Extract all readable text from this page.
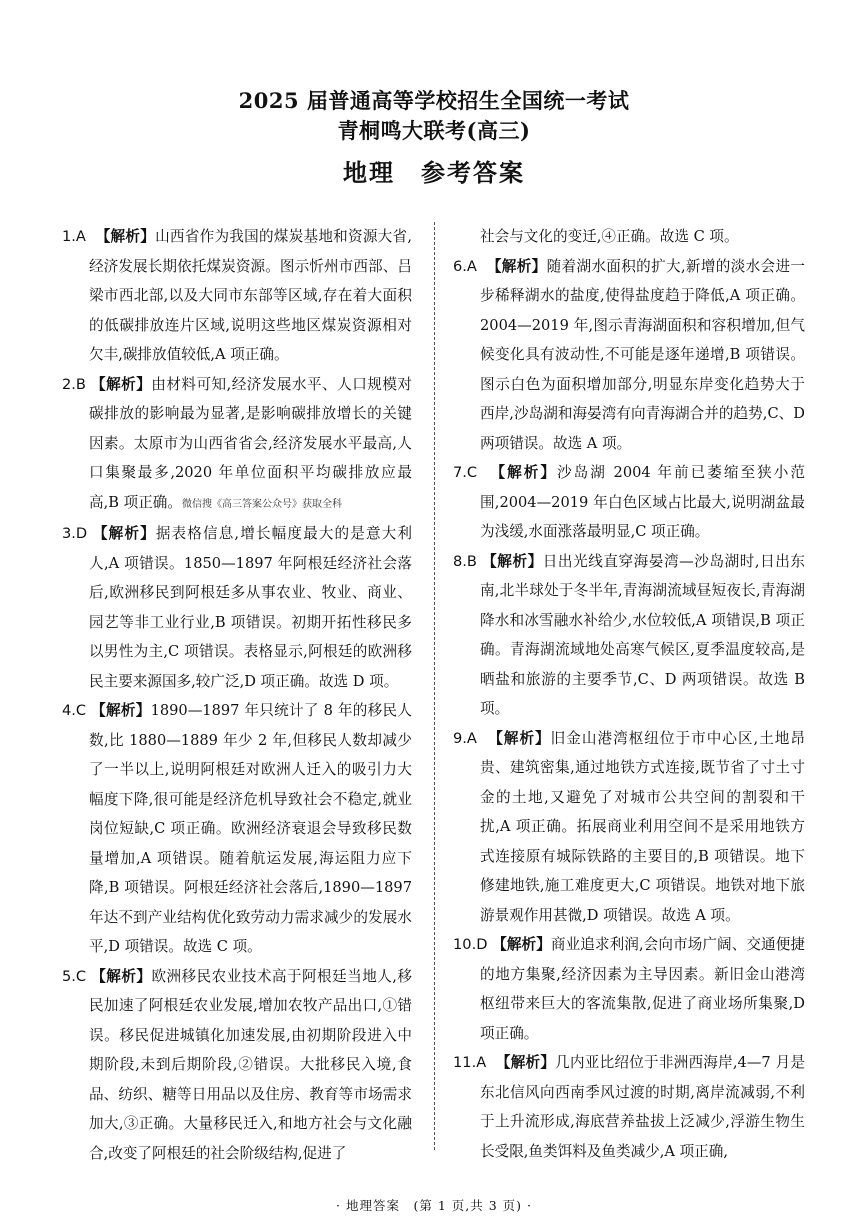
2025 届普通高等学校招生全国统一考试
青桐鸣大联考(高三)
地理　参考答案

1.A 【解析】山西省作为我国的煤炭基地和资源大省,经济发展长期依托煤炭资源。图示忻州市西部、吕梁市西北部,以及大同市东部等区域,存在着大面积的低碳排放连片区域,说明这些地区煤炭资源相对欠丰,碳排放值较低,A 项正确。

2.B 【解析】由材料可知,经济发展水平、人口规模对碳排放的影响最为显著,是影响碳排放增长的关键因素。太原市为山西省省会,经济发展水平最高,人口集聚最多,2020 年单位面积平均碳排放应最高,B 项正确。微信搜《高三答案公众号》获取全科

3.D 【解析】据表格信息,增长幅度最大的是意大利人,A 项错误。1850—1897 年阿根廷经济社会落后,欧洲移民到阿根廷多从事农业、牧业、商业、园艺等非工业行业,B 项错误。初期开拓性移民多以男性为主,C 项错误。表格显示,阿根廷的欧洲移民主要来源国多,较广泛,D 项正确。故选 D 项。

4.C 【解析】1890—1897 年只统计了 8 年的移民人数,比 1880—1889 年少 2 年,但移民人数却减少了一半以上,说明阿根廷对欧洲人迁入的吸引力大幅度下降,很可能是经济危机导致社会不稳定,就业岗位短缺,C 项正确。欧洲经济衰退会导致移民数量增加,A 项错误。随着航运发展,海运阻力应下降,B 项错误。阿根廷经济社会落后,1890—1897 年达不到产业结构优化致劳动力需求减少的发展水平,D 项错误。故选 C 项。

5.C 【解析】欧洲移民农业技术高于阿根廷当地人,移民加速了阿根廷农业发展,增加农牧产品出口,①错误。移民促进城镇化加速发展,由初期阶段进入中期阶段,未到后期阶段,②错误。大批移民入境,食品、纺织、糖等日用品以及住房、教育等市场需求加大,③正确。大量移民迁入,和地方社会与文化融合,改变了阿根廷的社会阶级结构,促进了

社会与文化的变迁,④正确。故选 C 项。

6.A 【解析】随着湖水面积的扩大,新增的淡水会进一步稀释湖水的盐度,使得盐度趋于降低,A 项正确。2004—2019 年,图示青海湖面积和容积增加,但气候变化具有波动性,不可能是逐年递增,B 项错误。图示白色为面积增加部分,明显东岸变化趋势大于西岸,沙岛湖和海晏湾有向青海湖合并的趋势,C、D 两项错误。故选 A 项。

7.C 【解析】沙岛湖 2004 年前已萎缩至狭小范围,2004—2019 年白色区域占比最大,说明湖盆最为浅缓,水面涨落最明显,C 项正确。

8.B 【解析】日出光线直穿海晏湾—沙岛湖时,日出东南,北半球处于冬半年,青海湖流域昼短夜长,青海湖降水和冰雪融水补给少,水位较低,A 项错误,B 项正确。青海湖流域地处高寒气候区,夏季温度较高,是晒盐和旅游的主要季节,C、D 两项错误。故选 B 项。

9.A 【解析】旧金山港湾枢纽位于市中心区,土地昂贵、建筑密集,通过地铁方式连接,既节省了寸土寸金的土地,又避免了对城市公共空间的割裂和干扰,A 项正确。拓展商业利用空间不是采用地铁方式连接原有城际铁路的主要目的,B 项错误。地下修建地铁,施工难度更大,C 项错误。地铁对地下旅游景观作用甚微,D 项错误。故选 A 项。

10.D 【解析】商业追求利润,会向市场广阔、交通便捷的地方集聚,经济因素为主导因素。新旧金山港湾枢纽带来巨大的客流集散,促进了商业场所集聚,D 项正确。

11.A 【解析】几内亚比绍位于非洲西海岸,4—7 月是东北信风向西南季风过渡的时期,离岸流减弱,不利于上升流形成,海底营养盐拔上泛减少,浮游生物生长受限,鱼类饵料及鱼类减少,A 项正确,

· 地理答案　(第 1 页,共 3 页) ·
